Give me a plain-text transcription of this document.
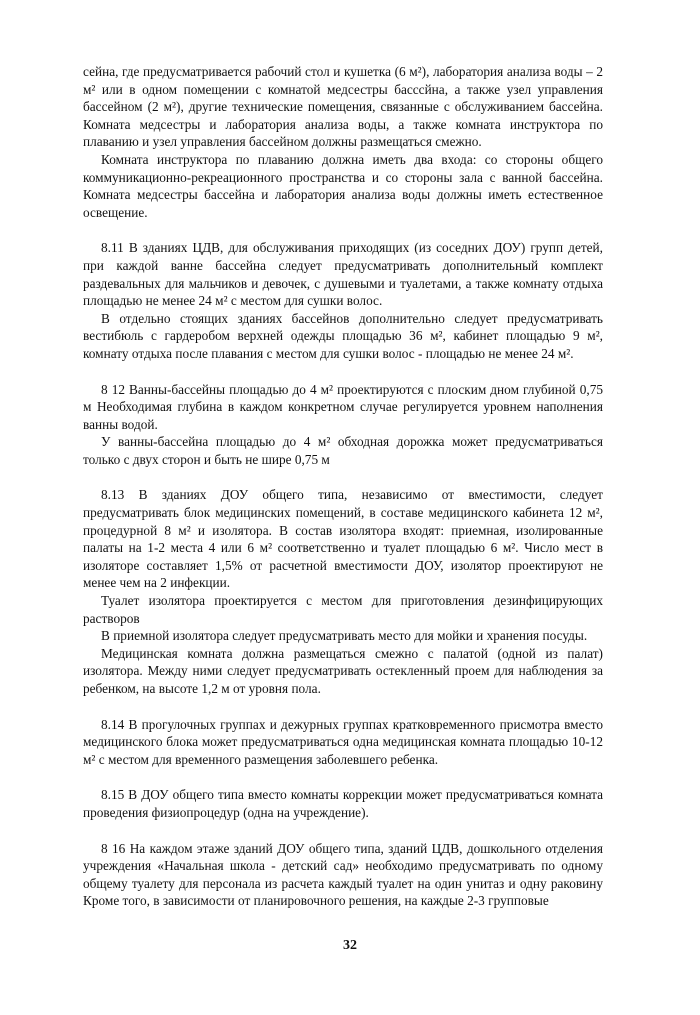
сейна, где предусматривается рабочий стол и кушетка (6 м²), лаборатория анализа воды – 2 м² или в одном помещении с комнатой медсестры басссйна, а также узел управления бассейном (2 м²), другие технические помещения, связанные с обслуживанием бассейна. Комната медсестры и лаборатория анализа воды, а также комната инструктора по плаванию и узел управления бассейном должны размещаться смежно.

Комната инструктора по плаванию должна иметь два входа: со стороны общего коммуникационно-рекреационного пространства и со стороны зала с ванной бассейна. Комната медсестры бассейна и лаборатория анализа воды должны иметь естественное освещение.

8.11 В зданиях ЦДВ, для обслуживания приходящих (из соседних ДОУ) групп детей, при каждой ванне бассейна следует предусматривать дополнительный комплект раздевальных для мальчиков и девочек, с душевыми и туалетами, а также комнату отдыха площадью не менее 24 м² с местом для сушки волос.

В отдельно стоящих зданиях бассейнов дополнительно следует предусматривать вестибюль с гардеробом верхней одежды площадью 36 м², кабинет площадью 9 м², комнату отдыха после плавания с местом для сушки волос - площадью не менее 24 м².

8 12 Ванны-бассейны площадью до 4 м² проектируются с плоским дном глубиной 0,75 м Необходимая глубина в каждом конкретном случае регулируется уровнем наполнения ванны водой.

У ванны-бассейна площадью до 4 м² обходная дорожка может предусматриваться только с двух сторон и быть не шире 0,75 м

8.13 В зданиях ДОУ общего типа, независимо от вместимости, следует предусматривать блок медицинских помещений, в составе медицинского кабинета 12 м², процедурной 8 м² и изолятора. В состав изолятора входят: приемная, изолированные палаты на 1-2 места 4 или 6 м² соответственно и туалет площадью 6 м². Число мест в изоляторе составляет 1,5% от расчетной вместимости ДОУ, изолятор проектируют не менее чем на 2 инфекции.

Туалет изолятора проектируется с местом для приготовления дезинфицирующих растворов

В приемной изолятора следует предусматривать место для мойки и хранения посуды.

Медицинская комната должна размещаться смежно с палатой (одной из палат) изолятора. Между ними следует предусматривать остекленный проем для наблюдения за ребенком, на высоте 1,2 м от уровня пола.

8.14 В прогулочных группах и дежурных группах кратковременного присмотра вместо медицинского блока может предусматриваться одна медицинская комната площадью 10-12 м² с местом для временного размещения заболевшего ребенка.

8.15 В ДОУ общего типа вместо комнаты коррекции может предусматриваться комната проведения физиопроцедур (одна на учреждение).

8 16 На каждом этаже зданий ДОУ общего типа, зданий ЦДВ, дошкольного отделения учреждения «Начальная школа - детский сад» необходимо предусматривать по одному общему туалету для персонала из расчета каждый туалет на один унитаз и одну раковину Кроме того, в зависимости от планировочного решения, на каждые 2-3 групповые

32
